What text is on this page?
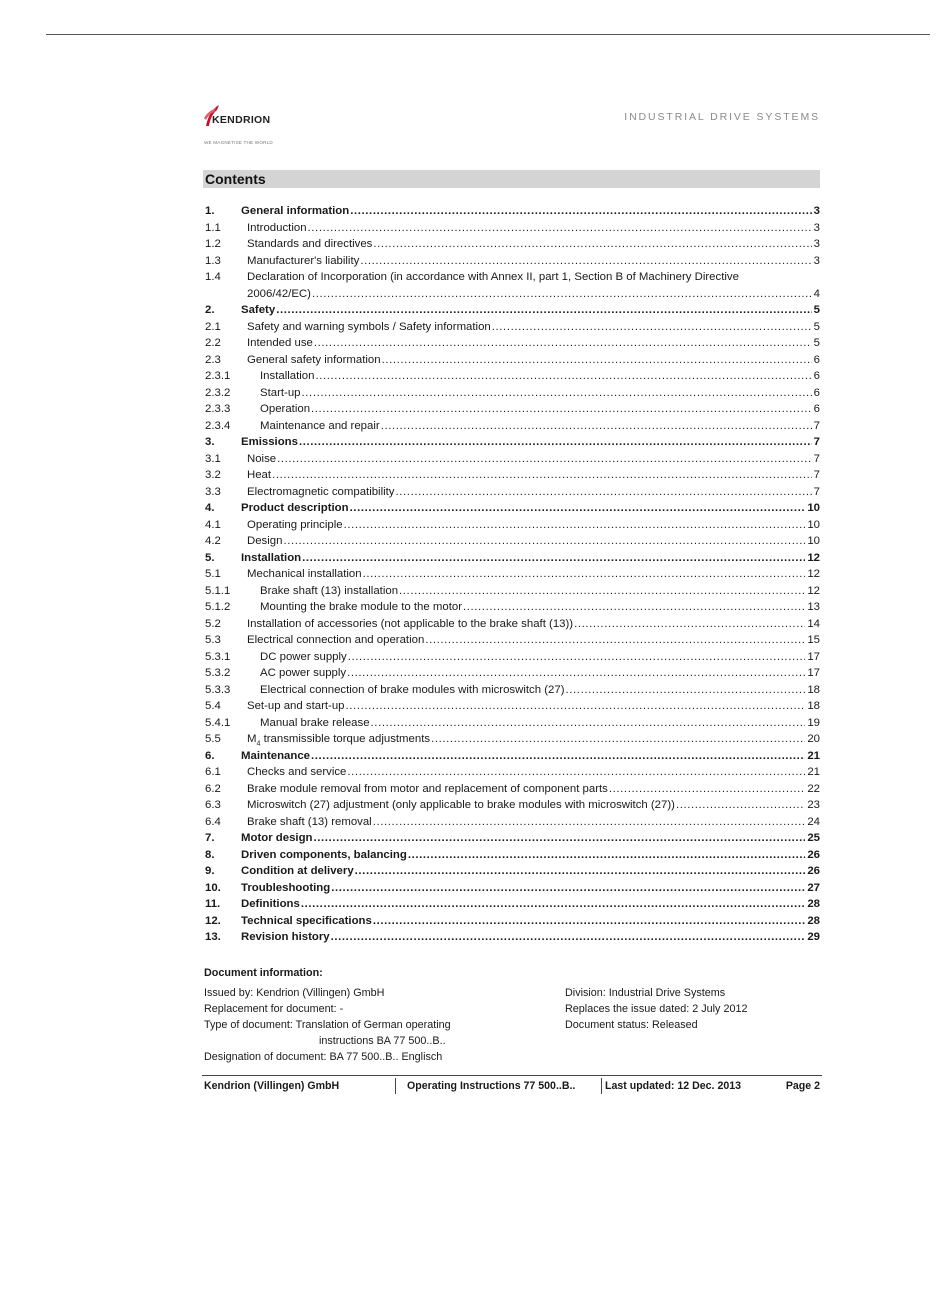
KENDRION
WE MAGNETISE THE WORLD
INDUSTRIAL DRIVE SYSTEMS
Contents
1. General information .....	3
1.1 Introduction .....	3
1.2 Standards and directives .....	3
1.3 Manufacturer's liability .....	3
1.4 Declaration of Incorporation (in accordance with Annex II, part 1, Section B of Machinery Directive
2006/42/EC) .....	4
2. Safety .....	5
2.1 Safety and warning symbols / Safety information .....	5
2.2 Intended use .....	5
2.3 General safety information .....	6
2.3.1	Installation .....	6
2.3.2	Start-up .....	6
2.3.3	Operation .....	6
2.3.4	Maintenance and repair .....	7
3. Emissions .....	7
3.1 Noise .....	7
3.2 Heat .....	7
3.3 Electromagnetic compatibility .....	7
4. Product description .....	10
4.1 Operating principle .....	10
4.2 Design .....	10
5. Installation .....	12
5.1 Mechanical installation .....	12
5.1.1	Brake shaft (13) installation .....	12
5.1.2	Mounting the brake module to the motor .....	13
5.2 Installation of accessories (not applicable to the brake shaft (13)) .....	14
5.3 Electrical connection and operation .....	15
5.3.1	DC power supply .....	17
5.3.2	AC power supply .....	17
5.3.3	Electrical connection of brake modules with microswitch (27) .....	18
5.4 Set-up and start-up .....	18
5.4.1	Manual brake release .....	19
5.5 $M_4$ transmissible torque adjustments .....	20
6. Maintenance .....	21
6.1 Checks and service .....	21
6.2 Brake module removal from motor and replacement of component parts .....	22
6.3 Microswitch (27) adjustment (only applicable to brake modules with microswitch (27)) .....	23
6.4 Brake shaft (13) removal .....	24
7. Motor design .....	25
8. Driven components, balancing .....	26
9. Condition at delivery .....	26
10. Troubleshooting .....	27
11. Definitions .....	28
12. Technical specifications .....	28
13. Revision history .....	29
Document information:
Issued by: Kendrion (Villingen) GmbH
Replacement for document: -
Type of document: Translation of German operating
instructions BA 77 500..B..
Designation of document: BA 77 500..B.. Englisch
Division: Industrial Drive Systems
Replaces the issue dated: 2 July 2012
Document status: Released
Kendrion (Villingen) GmbH	Operating Instructions 77 500..B..	Last updated: 12 Dec. 2013	Page 2
